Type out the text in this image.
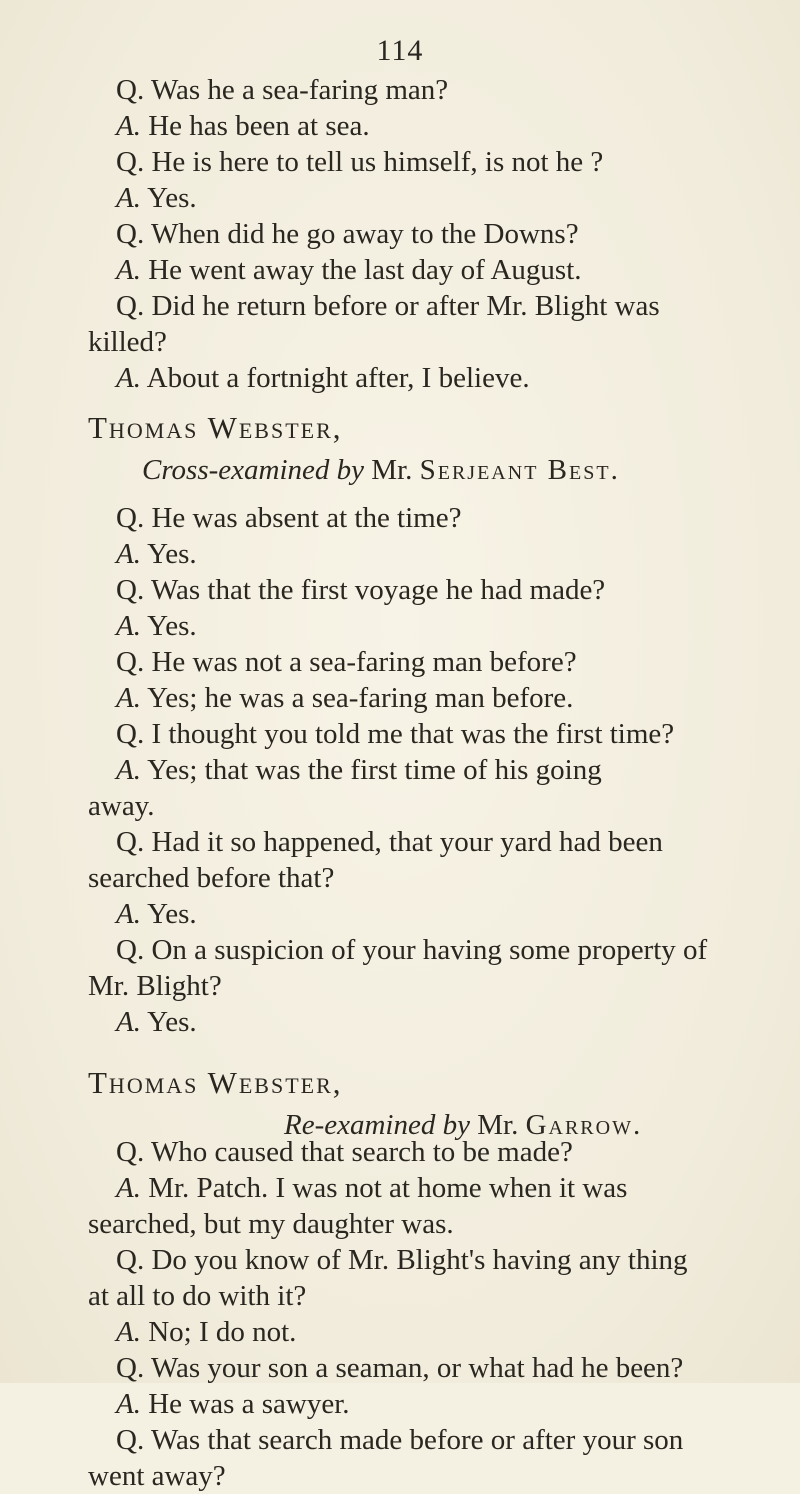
114
Q. Was he a sea-faring man?
A. He has been at sea.
Q. He is here to tell us himself, is not he ?
A. Yes.
Q. When did he go away to the Downs?
A. He went away the last day of August.
Q. Did he return before or after Mr. Blight was
killed?
A. About a fortnight after, I believe.
Thomas Webster,
Cross-examined by Mr. Serjeant Best.
Q. He was absent at the time?
A. Yes.
Q. Was that the first voyage he had made?
A. Yes.
Q. He was not a sea-faring man before?
A. Yes; he was a sea-faring man before.
Q. I thought you told me that was the first time?
A. Yes; that was the first time of his going
away.
Q. Had it so happened, that your yard had been
searched before that?
A. Yes.
Q. On a suspicion of your having some property of
Mr. Blight?
A. Yes.
Thomas Webster,
Re-examined by Mr. Garrow.
Q. Who caused that search to be made?
A. Mr. Patch. I was not at home when it was
searched, but my daughter was.
Q. Do you know of Mr. Blight's having any thing
at all to do with it?
A. No; I do not.
Q. Was your son a seaman, or what had he been?
A. He was a sawyer.
Q. Was that search made before or after your son
went away?
